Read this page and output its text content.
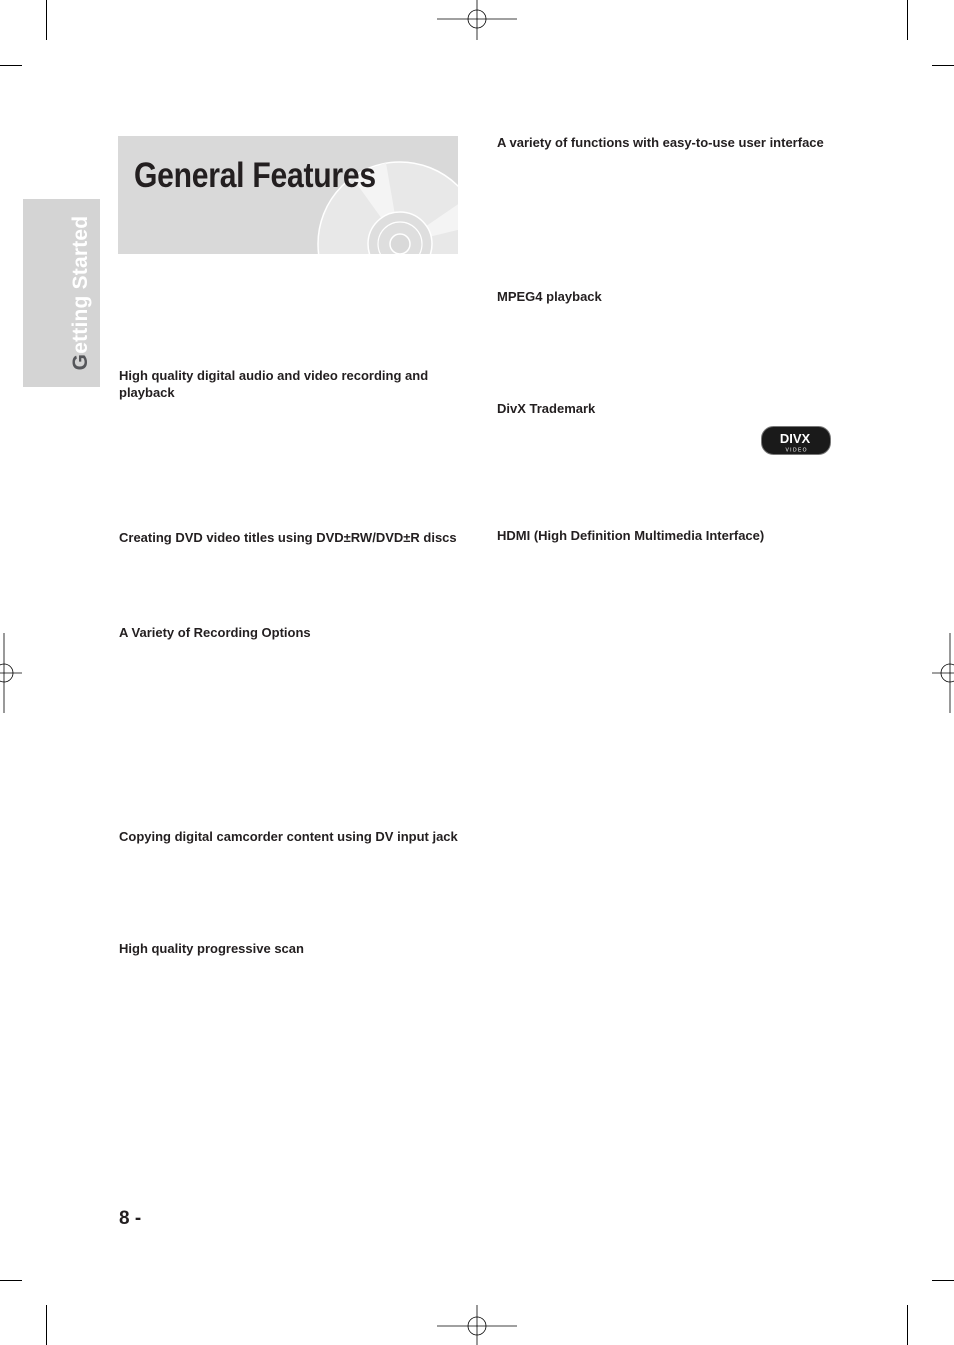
Getting Started
General Features

High quality digital audio and video recording and playback

Creating DVD video titles using DVD±RW/DVD±R discs

A Variety of Recording Options

Copying digital camcorder content using DV input jack

High quality progressive scan

A variety of functions with easy-to-use user interface

MPEG4 playback

DivX Trademark

HDMI (High Definition Multimedia Interface)

DIVX
V I D E O
8 -
